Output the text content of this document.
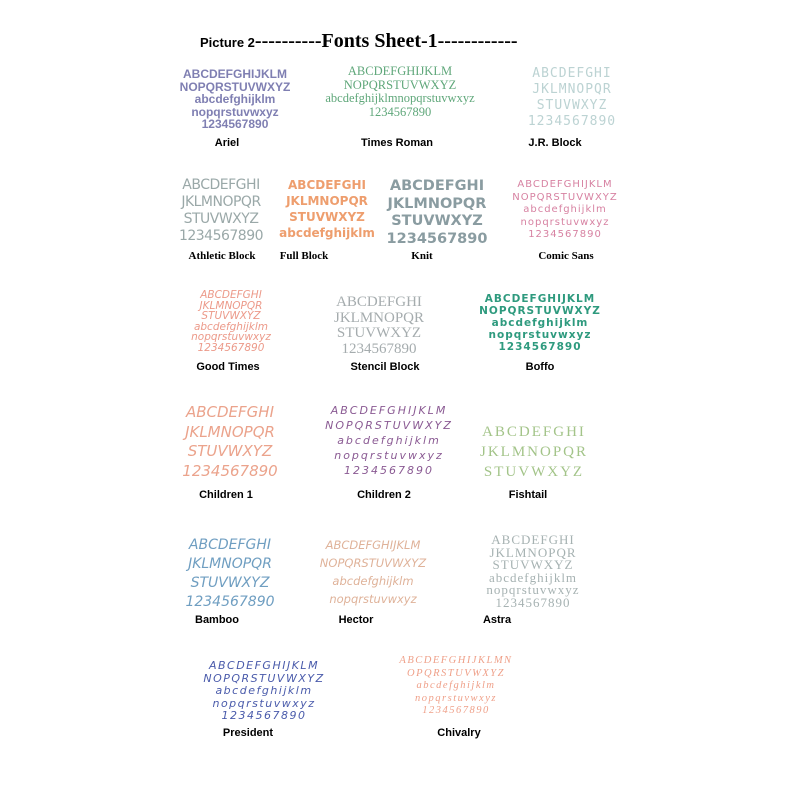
Picture 2----------Fonts Sheet-1------------
ABCDEFGHIJKLM
NOPQRSTUVWXYZ
abcdefghijklm
nopqrstuvwxyz
1234567890
Ariel
ABCDEFGHIJKLM
NOPQRSTUVWXYZ
abcdefghijklmnopqrstuvwxyz
1234567890
Times Roman
ABCDEFGHI
JKLMNOPQR
STUVWXYZ
1234567890
J.R. Block
ABCDEFGHI
JKLMNOPQR
STUVWXYZ
1234567890
Athletic Block
ABCDEFGHI
JKLMNOPQR
STUVWXYZ
abcdefghijklm
Full Block
ABCDEFGHI
JKLMNOPQR
STUVWXYZ
1234567890
Knit
ABCDEFGHIJKLM
NOPQRSTUVWXYZ
abcdefghijklm
nopqrstuvwxyz
1234567890
Comic Sans
ABCDEFGHI
JKLMNOPQR
STUVWXYZ
abcdefghijklm
nopqrstuvwxyz
1234567890
Good Times
ABCDEFGHI
JKLMNOPQR
STUVWXYZ
1234567890
Stencil Block
ABCDEFGHIJKLM
NOPQRSTUVWXYZ
abcdefghijklm
nopqrstuvwxyz
1234567890
Boffo
ABCDEFGHI
JKLMNOPQR
STUVWXYZ
1234567890
Children 1
ABCDEFGHIJKLM
NOPQRSTUVWXYZ
abcdefghijklm
nopqrstuvwxyz
1234567890
Children 2
ABCDEFGHI
JKLMNOPQR
STUVWXYZ
Fishtail
ABCDEFGHI
JKLMNOPQR
STUVWXYZ
1234567890
Bamboo
ABCDEFGHIJKLM
NOPQRSTUVWXYZ
abcdefghijklm
nopqrstuvwxyz
Hector
ABCDEFGHI
JKLMNOPQR
STUVWXYZ
abcdefghijklm
nopqrstuvwxyz
1234567890
Astra
ABCDEFGHIJKLM
NOPQRSTUVWXYZ
abcdefghijklm
nopqrstuvwxyz
1234567890
President
ABCDEFGHIJKLMN
OPQRSTUVWXYZ
abcdefghijklm
nopqrstuvwxyz
1234567890
Chivalry
